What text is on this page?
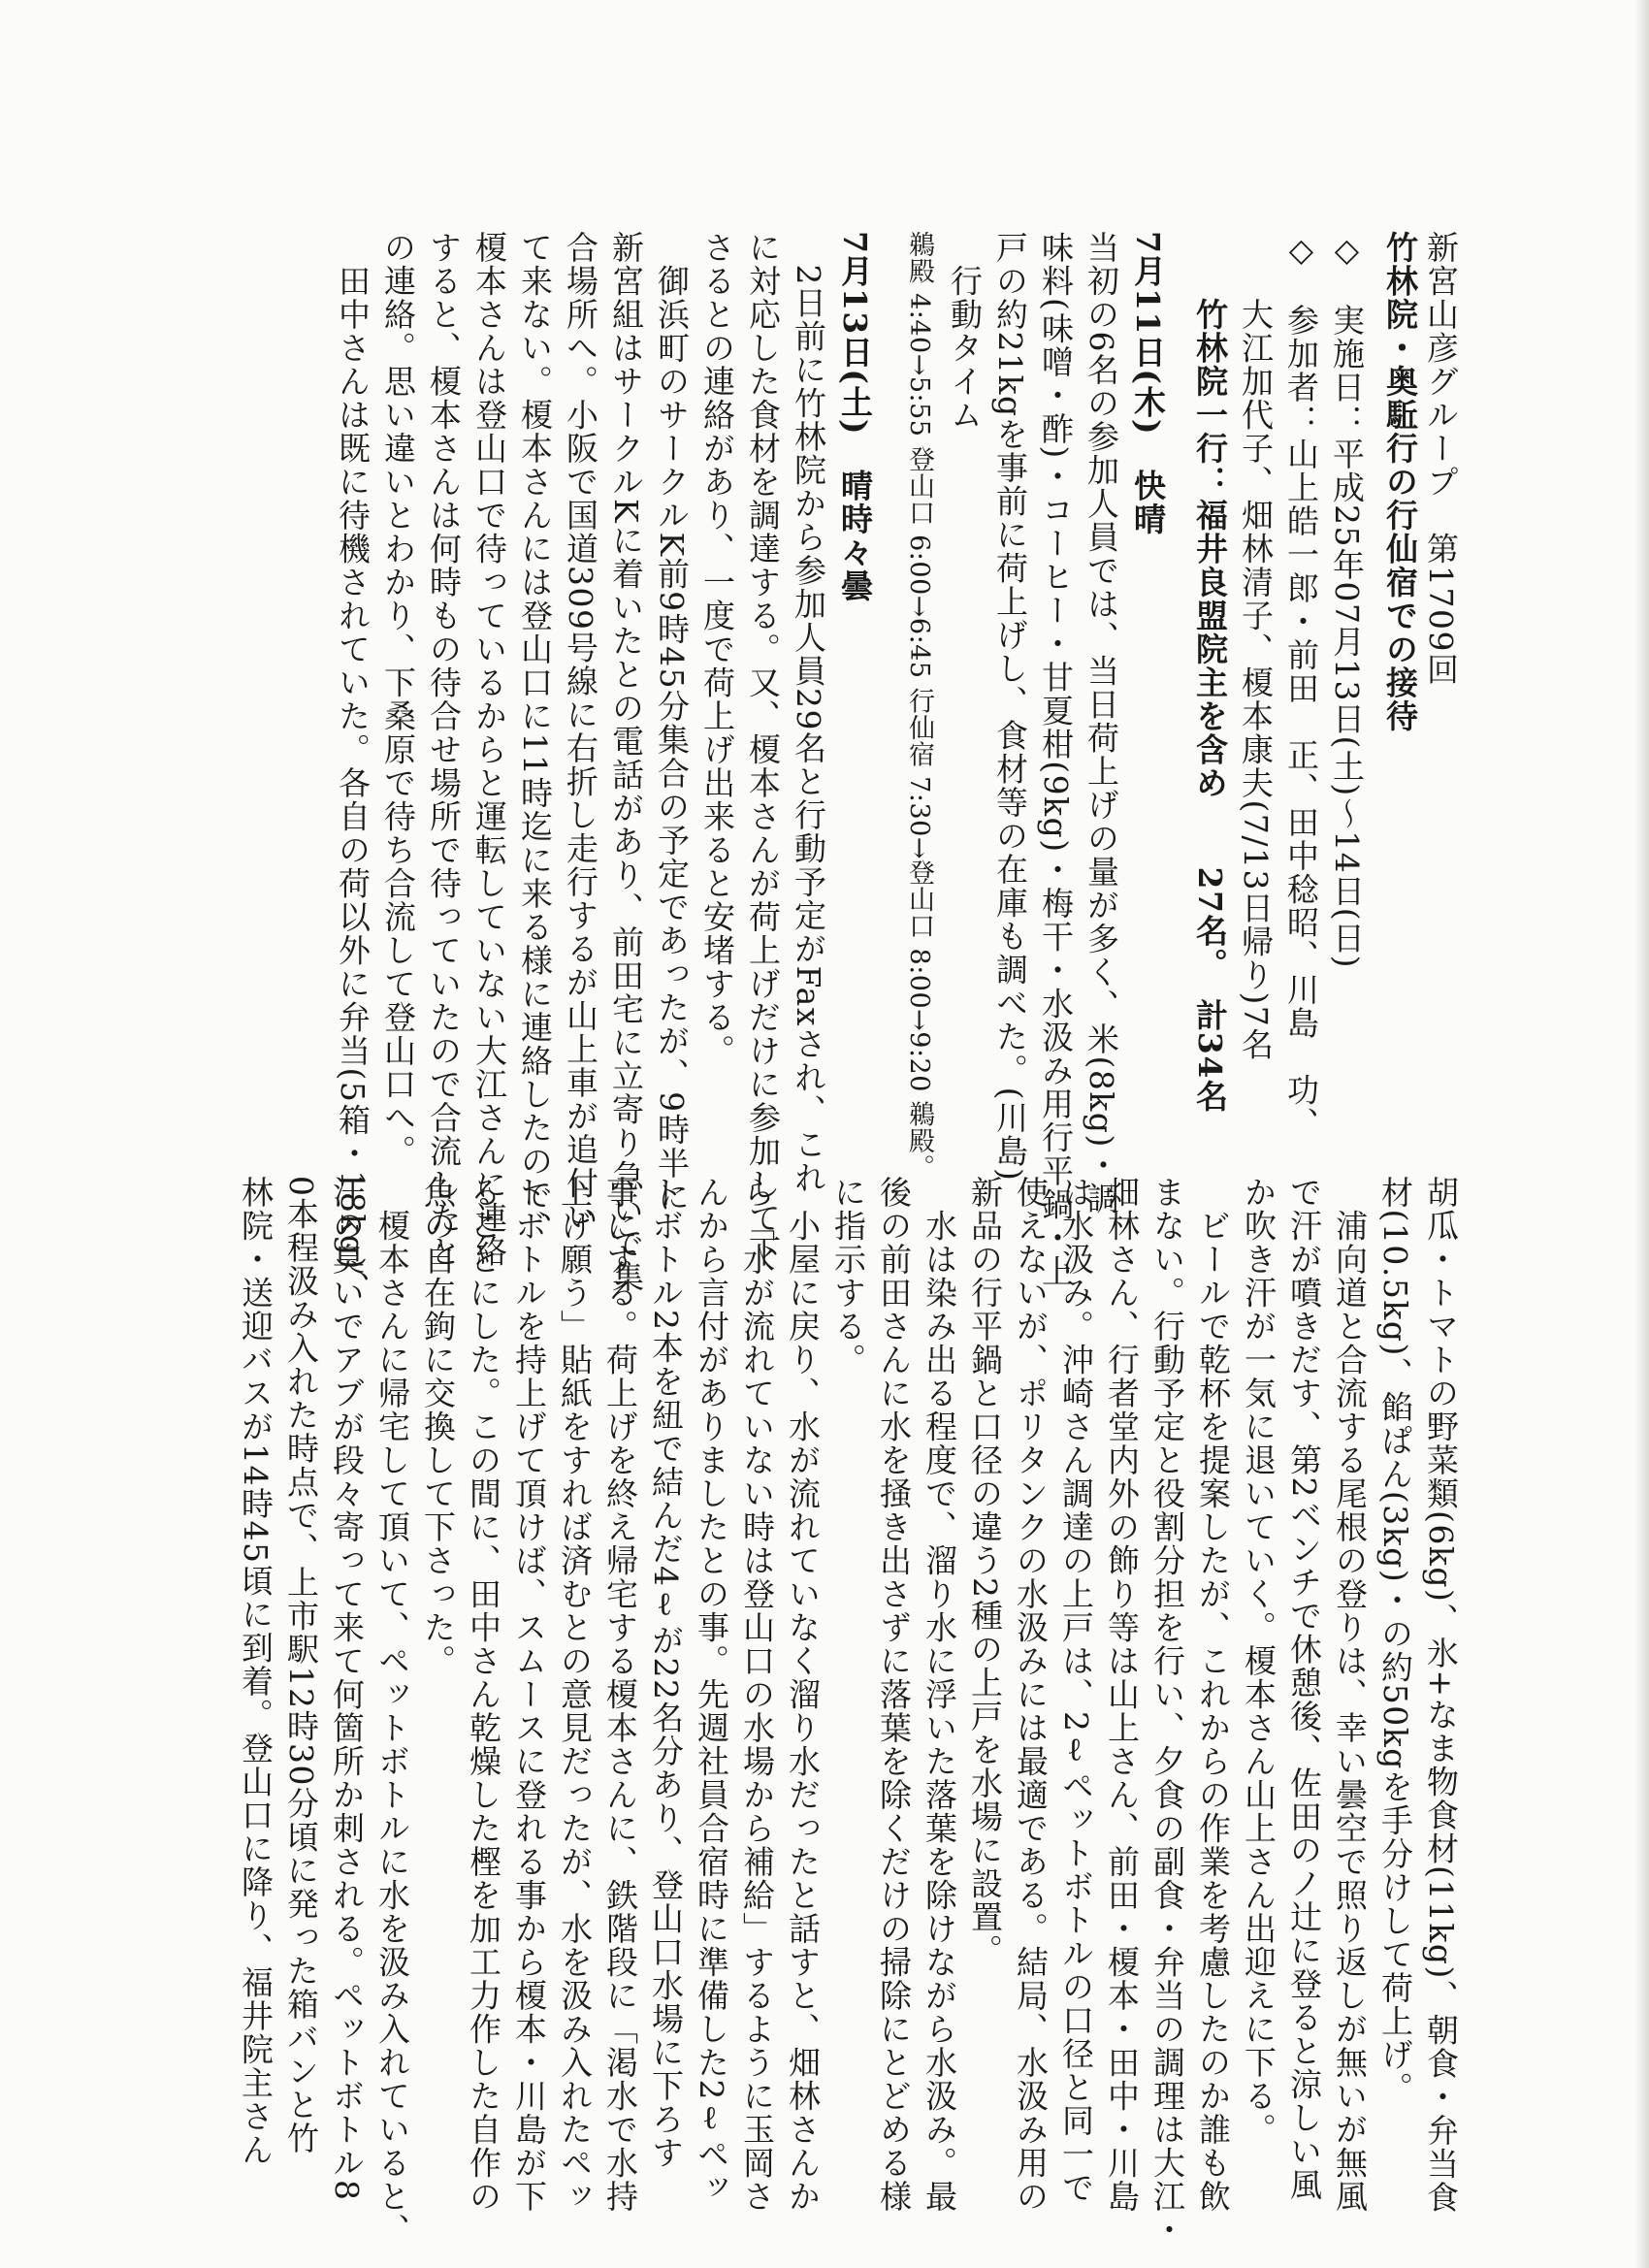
新宮山彦グループ　第1709回
竹林院・奥駈行の行仙宿での接待
◇　実施日：平成25年07月13日(土)〜14日(日)
◇　参加者：山上皓一郎・前田　正、田中稔昭、川島　功、
　　大江加代子、畑林清子、榎本康夫(7/13日帰り)7名
　　竹林院一行：福井良盟院主を含め　　27名。　計34名
7月11日(木)　快晴
当初の6名の参加人員では、当日荷上げの量が多く、米(8kg)・調
味料(味噌・酢)・コーヒー・甘夏柑(9kg)・梅干・水汲み用行平鍋・上
戸の約21kgを事前に荷上げし、食材等の在庫も調べた。(川島)
　行動タイム
鵜殿 4:40→5:55 登山口 6:00→6:45 行仙宿 7:30→登山口 8:00→9:20 鵜殿。
7月13日(土)　晴時々曇
　2日前に竹林院から参加人員29名と行動予定がFaxされ、これ
に対応した食材を調達する。又、榎本さんが荷上げだけに参加して下
さるとの連絡があり、一度で荷上げ出来ると安堵する。
　御浜町のサークルK前9時45分集合の予定であったが、9時半に
新宮組はサークルKに着いたとの電話があり、前田宅に立寄り急いで集
合場所へ。小阪で国道309号線に右折し走行するが山上車が追付い
て来ない。榎本さんには登山口に11時迄に来る様に連絡したので、
榎本さんは登山口で待っているからと運転していない大江さんに連絡
すると、榎本さんは何時もの待合せ場所で待っていたので合流したと
の連絡。思い違いとわかり、下桑原で待ち合流して登山口へ。
　田中さんは既に待機されていた。各自の荷以外に弁当(5箱・18kg)、
胡瓜・トマトの野菜類(6kg)、氷+なま物食材(11kg)、朝食・弁当食
材(10.5kg)、餡ぱん(3kg)・の約50kgを手分けして荷上げ。
　浦向道と合流する尾根の登りは、幸い曇空で照り返しが無いが無風
で汗が噴きだす、第2ベンチで休憩後、佐田のノ辻に登ると涼しい風
か吹き汗が一気に退いていく。榎本さん山上さん出迎えに下る。
　ビールで乾杯を提案したが、これからの作業を考慮したのか誰も飲
まない。行動予定と役割分担を行い、夕食の副食・弁当の調理は大江・
畑林さん、行者堂内外の飾り等は山上さん、前田・榎本・田中・川島
は水汲み。沖崎さん調達の上戸は、2ℓペットボトルの口径と同一で
使えないが、ポリタンクの水汲みには最適である。結局、水汲み用の
新品の行平鍋と口径の違う2種の上戸を水場に設置。
　水は染み出る程度で、溜り水に浮いた落葉を除けながら水汲み。最
後の前田さんに水を掻き出さずに落葉を除くだけの掃除にとどめる様
に指示する。
　小屋に戻り、水が流れていなく溜り水だったと話すと、畑林さんか
ら「水が流れていない時は登山口の水場から補給」するように玉岡さ
んから言付がありましたとの事。先週社員合宿時に準備した2ℓペッ
トボトル2本を紐で結んだ4ℓが22名分あり、登山口水場に下ろす
事にする。荷上げを終え帰宅する榎本さんに、鉄階段に「渇水で水持
上げ願う」貼紙をすれば済むとの意見だったが、水を汲み入れたペッ
トボトルを持上げて頂けば、スムースに登れる事から榎本・川島が下
ることにした。この間に、田中さん乾燥した樫を加工力作した自作の
魚の自在鉤に交換して下さった。
　榎本さんに帰宅して頂いて、ペットボトルに水を汲み入れていると、
汗の臭いでアブが段々寄って来て何箇所か刺される。ペットボトル8
0本程汲み入れた時点で、上市駅12時30分頃に発った箱バンと竹
林院・送迎バスが14時45頃に到着。登山口に降り、福井院主さん
